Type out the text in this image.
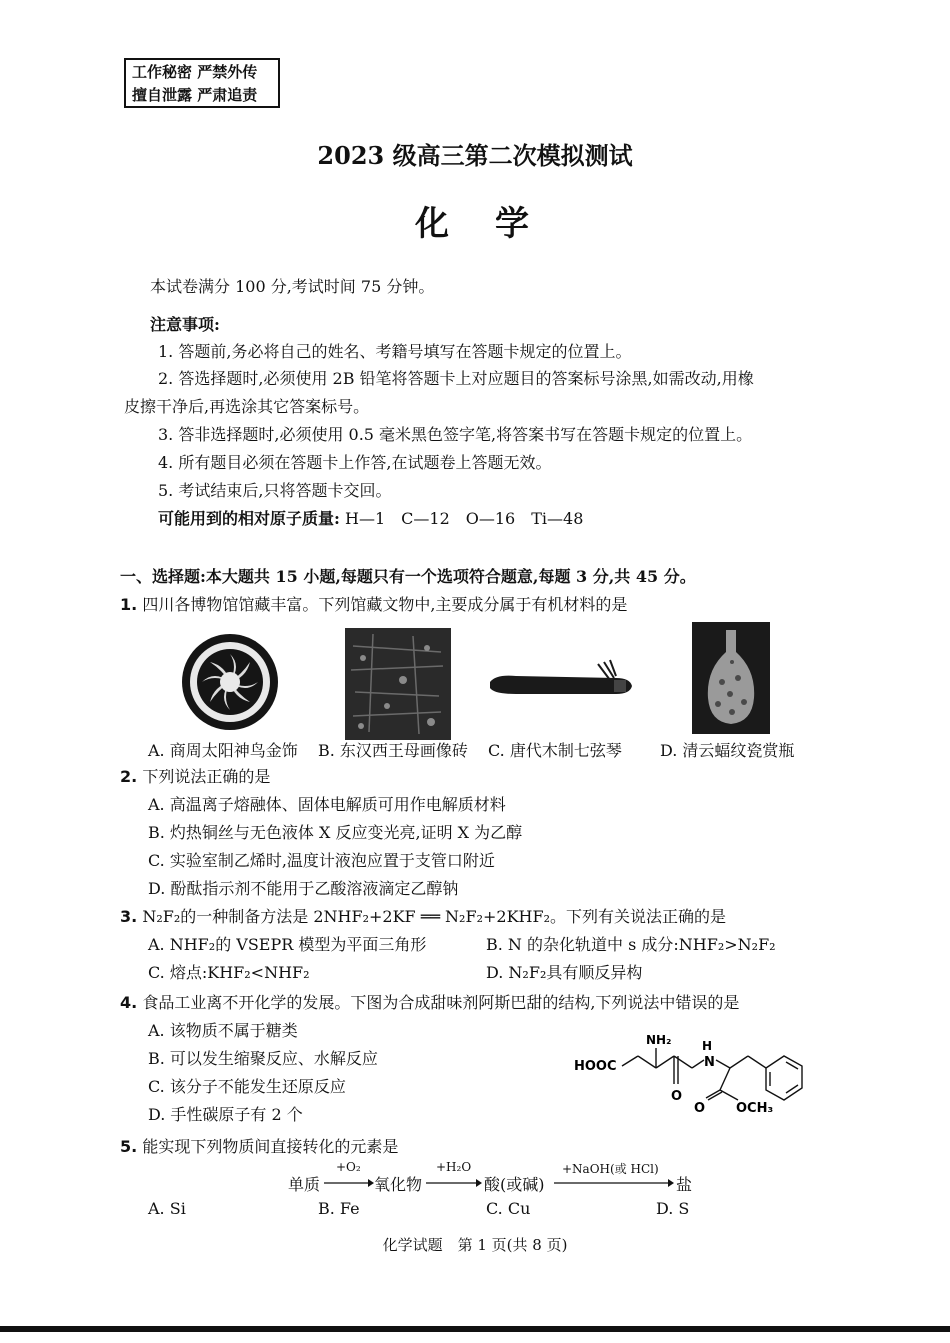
工作秘密 严禁外传
擅自泄露 严肃追责
2023 级高三第二次模拟测试
化　学
本试卷满分 100 分,考试时间 75 分钟。
注意事项:
1. 答题前,务必将自己的姓名、考籍号填写在答题卡规定的位置上。
2. 答选择题时,必须使用 2B 铅笔将答题卡上对应题目的答案标号涂黑,如需改动,用橡
皮擦干净后,再选涂其它答案标号。
3. 答非选择题时,必须使用 0.5 毫米黑色签字笔,将答案书写在答题卡规定的位置上。
4. 所有题目必须在答题卡上作答,在试题卷上答题无效。
5. 考试结束后,只将答题卡交回。
可能用到的相对原子质量: H—1　C—12　O—16　Ti—48
一、选择题:本大题共 15 小题,每题只有一个选项符合题意,每题 3 分,共 45 分。
1. 四川各博物馆馆藏丰富。下列馆藏文物中,主要成分属于有机材料的是
A. 商周太阳神鸟金饰 B. 东汉西王母画像砖 C. 唐代木制七弦琴 D. 清云蝠纹瓷赏瓶
2. 下列说法正确的是
A. 高温离子熔融体、固体电解质可用作电解质材料
B. 灼热铜丝与无色液体 X 反应变光亮,证明 X 为乙醇
C. 实验室制乙烯时,温度计液泡应置于支管口附近
D. 酚酞指示剂不能用于乙酸溶液滴定乙醇钠
3. N₂F₂的一种制备方法是 2NHF₂+2KF ══ N₂F₂+2KHF₂。下列有关说法正确的是
A. NHF₂的 VSEPR 模型为平面三角形	B. N 的杂化轨道中 s 成分:NHF₂>N₂F₂
C. 熔点:KHF₂<NHF₂	D. N₂F₂具有顺反异构
4. 食品工业离不开化学的发展。下图为合成甜味剂阿斯巴甜的结构,下列说法中错误的是
A. 该物质不属于糖类
B. 可以发生缩聚反应、水解反应
C. 该分子不能发生还原反应
D. 手性碳原子有 2 个
NH₂	H
N
HOOC
O
O OCH₃
5. 能实现下列物质间直接转化的元素是
单质
+O₂
氧化物
+H₂O
酸(或碱)
+NaOH(或 HCl)
盐
A. Si	B. Fe	C. Cu	D. S
化学试题　第 1 页(共 8 页)
